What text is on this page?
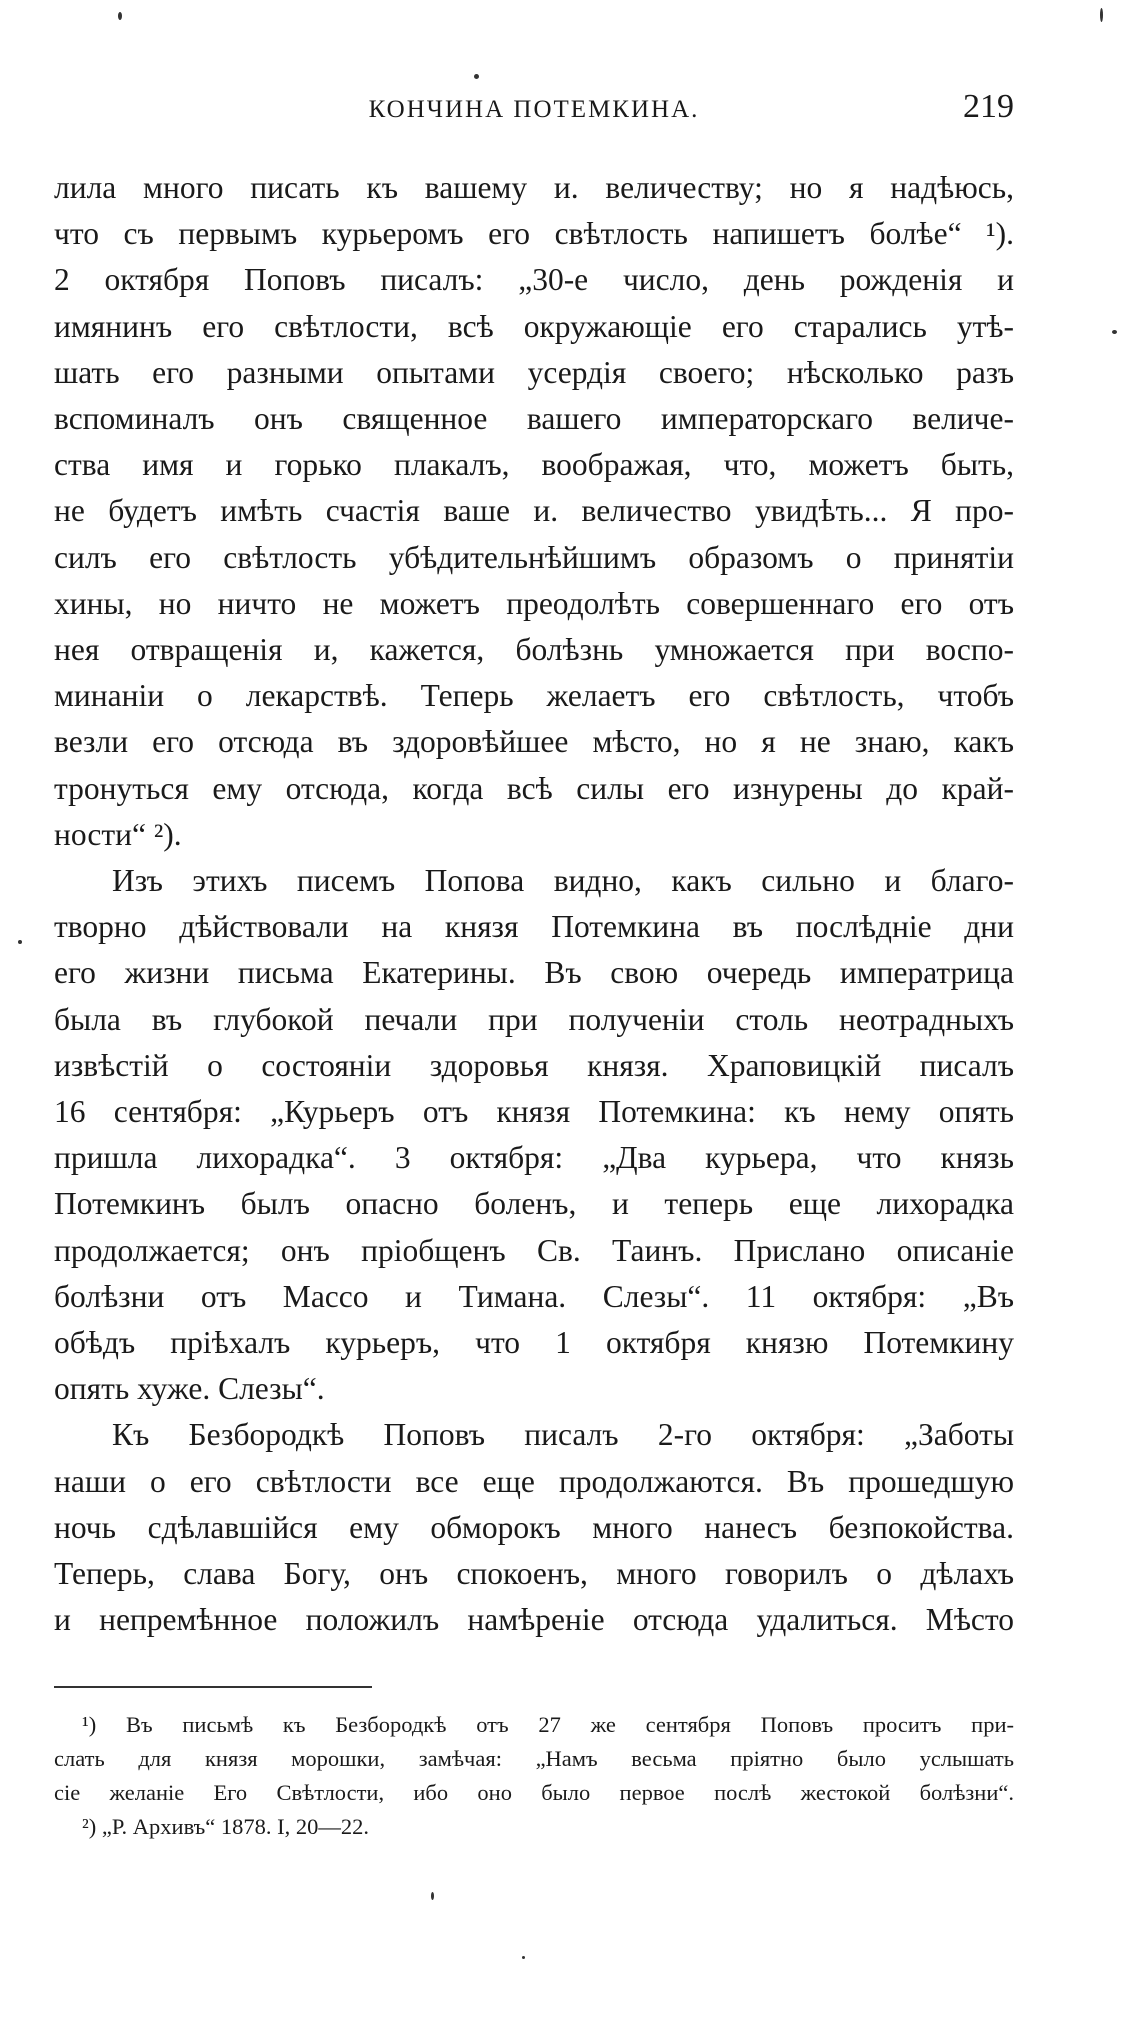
КОНЧИНА ПОТЕМКИНА.	219
лила много писать къ вашему и. величеству; но я надѣюсь,
что съ первымъ курьеромъ его свѣтлость напишетъ болѣе“ ¹).
2 октября Поповъ писалъ: „30-е число, день рожденія и
имянинъ его свѣтлости, всѣ окружающіе его старались утѣ-
шать его разными опытами усердія своего; нѣсколько разъ
вспоминалъ онъ священное вашего императорскаго величе-
ства имя и горько плакалъ, воображая, что, можетъ быть,
не будетъ имѣть счастія ваше и. величество увидѣть... Я про-
силъ его свѣтлость убѣдительнѣйшимъ образомъ о принятіи
хины, но ничто не можетъ преодолѣть совершеннаго его отъ
нея отвращенія и, кажется, болѣзнь умножается при воспо-
минаніи о лекарствѣ. Теперь желаетъ его свѣтлость, чтобъ
везли его отсюда въ здоровѣйшее мѣсто, но я не знаю, какъ
тронуться ему отсюда, когда всѣ силы его изнурены до край-
ности“ ²).
Изъ этихъ писемъ Попова видно, какъ сильно и благо-
творно дѣйствовали на князя Потемкина въ послѣдніе дни
его жизни письма Екатерины. Въ свою очередь императрица
была въ глубокой печали при полученіи столь неотрадныхъ
извѣстій о состояніи здоровья князя. Храповицкій писалъ
16 сентября: „Курьеръ отъ князя Потемкина: къ нему опять
пришла лихорадка“. 3 октября: „Два курьера, что князь
Потемкинъ былъ опасно боленъ, и теперь еще лихорадка
продолжается; онъ пріобщенъ Св. Таинъ. Прислано описаніе
болѣзни отъ Массо и Тимана. Слезы“. 11 октября: „Въ
обѣдъ пріѣхалъ курьеръ, что 1 октября князю Потемкину
опять хуже. Слезы“.
Къ Безбородкѣ Поповъ писалъ 2-го октября: „Заботы
наши о его свѣтлости все еще продолжаются. Въ прошедшую
ночь сдѣлавшійся ему обморокъ много нанесъ безпокойства.
Теперь, слава Богу, онъ спокоенъ, много говорилъ о дѣлахъ
и непремѣнное положилъ намѣреніе отсюда удалиться. Мѣсто
¹) Въ письмѣ къ Безбородкѣ отъ 27 же сентября Поповъ проситъ при-
слать для князя морошки, замѣчая: „Намъ весьма пріятно было услышать
сіе желаніе Его Свѣтлости, ибо оно было первое послѣ жестокой болѣзни“.
²) „Р. Архивъ“ 1878. I, 20—22.
